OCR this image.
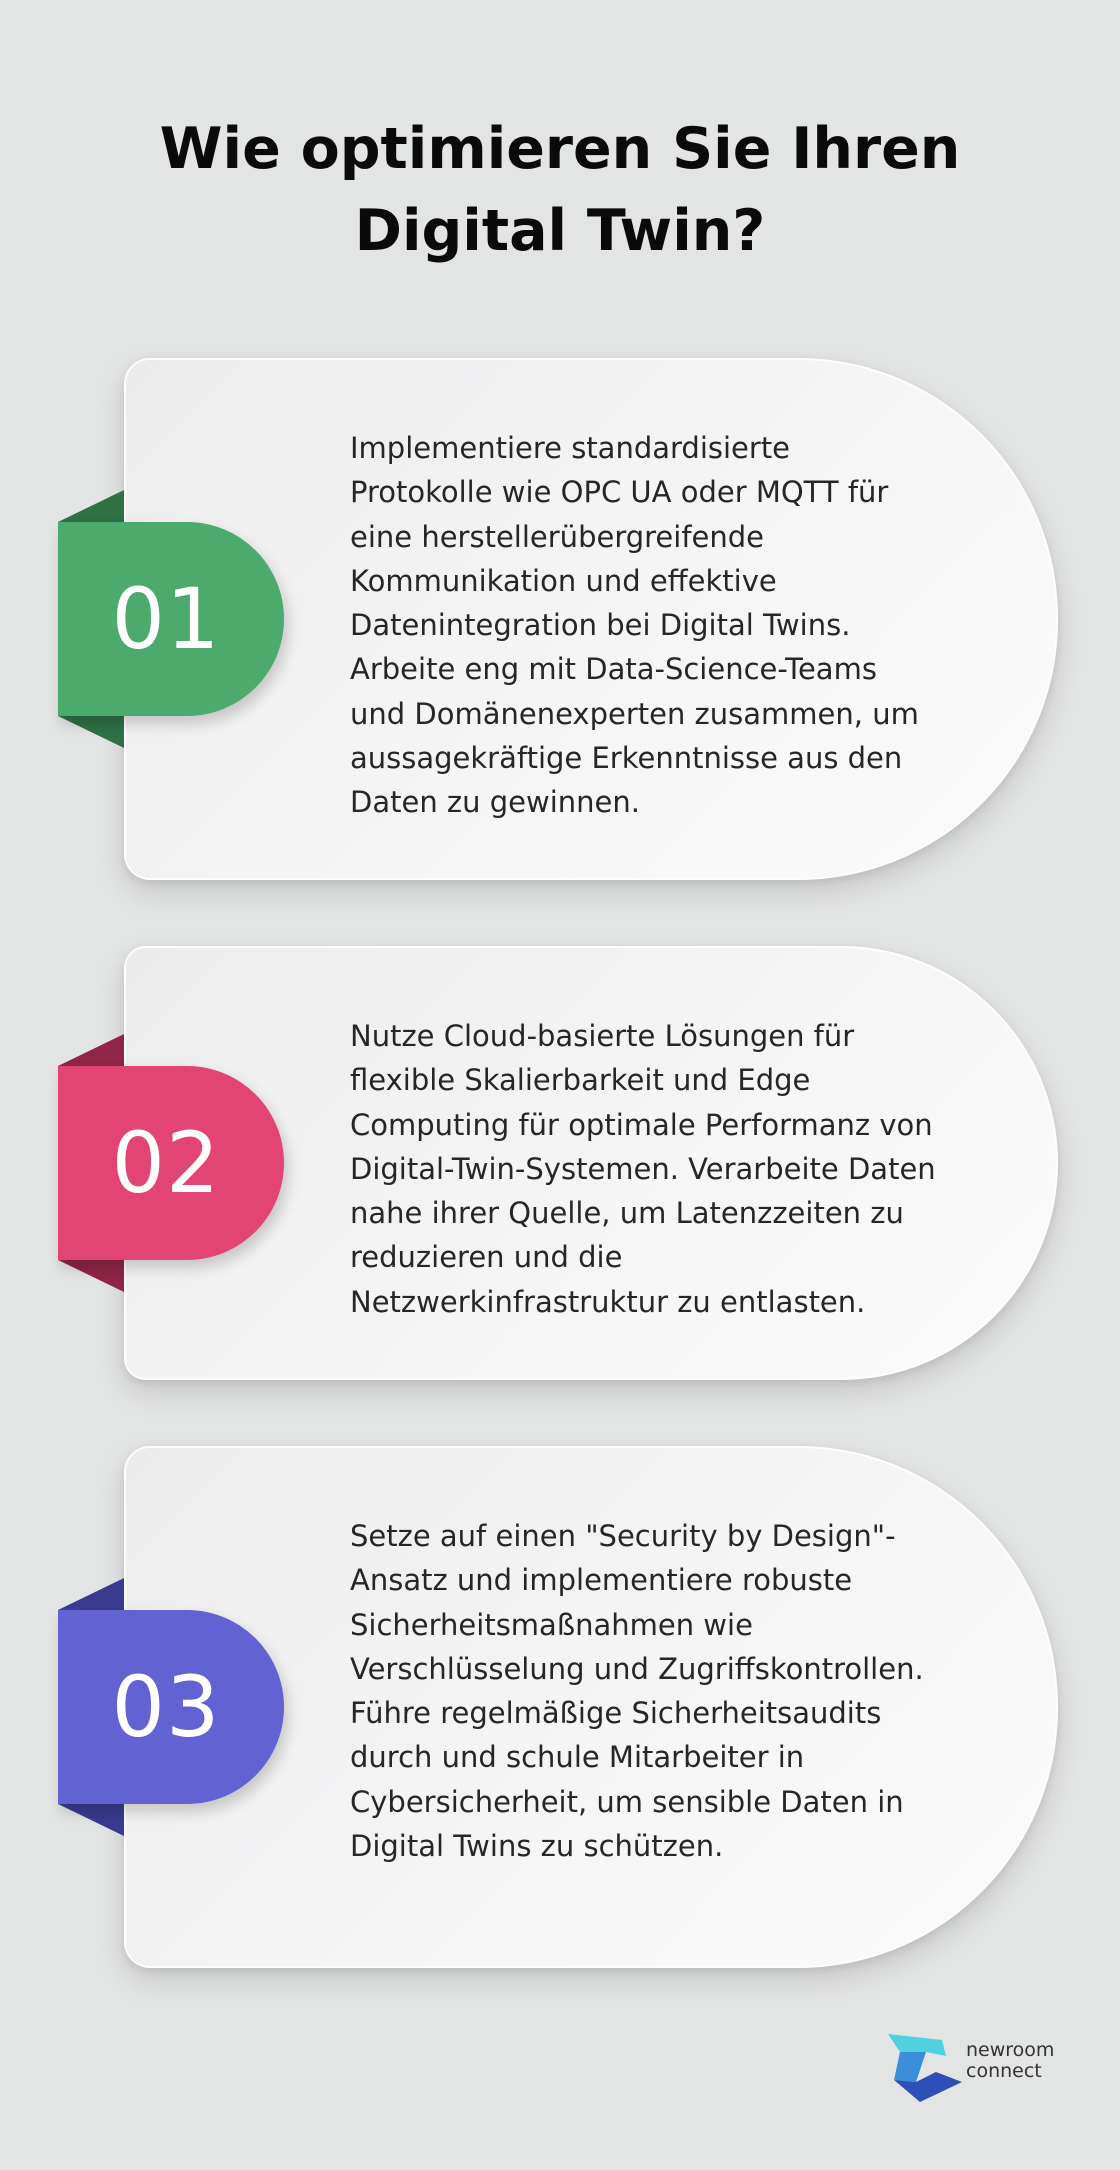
Wie optimieren Sie Ihren Digital Twin?
Implementiere standardisierte Protokolle wie OPC UA oder MQTT für eine herstellerübergreifende Kommunikation und effektive Datenintegration bei Digital Twins. Arbeite eng mit Data-Science-Teams und Domänenexperten zusammen, um aussagekräftige Erkenntnisse aus den Daten zu gewinnen.
01
Nutze Cloud-basierte Lösungen für flexible Skalierbarkeit und Edge Computing für optimale Performanz von Digital-Twin-Systemen. Verarbeite Daten nahe ihrer Quelle, um Latenzzeiten zu reduzieren und die Netzwerkinfrastruktur zu entlasten.
02
Setze auf einen "Security by Design"-Ansatz und implementiere robuste Sicherheitsmaßnahmen wie Verschlüsselung und Zugriffskontrollen. Führe regelmäßige Sicherheitsaudits durch und schule Mitarbeiter in Cybersicherheit, um sensible Daten in Digital Twins zu schützen.
03
newroom
connect
